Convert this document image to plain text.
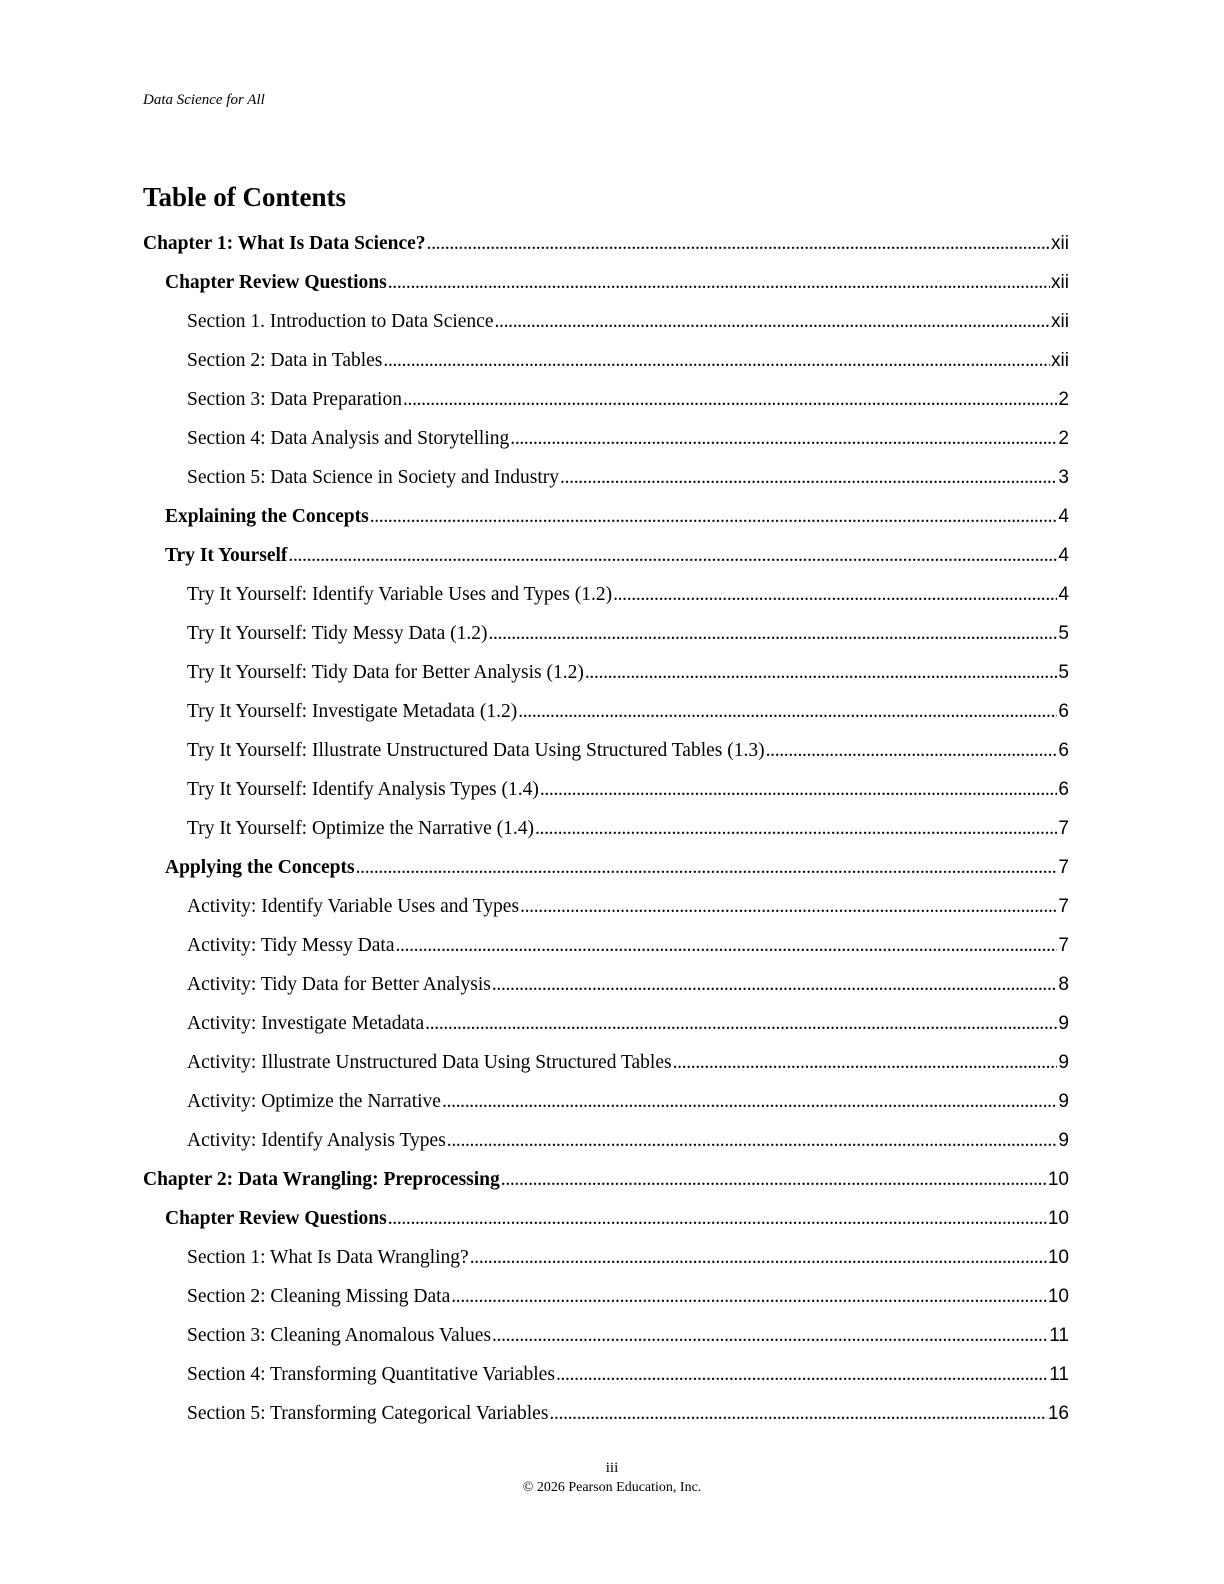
Data Science for All
Table of Contents
Chapter 1: What Is Data Science? . . .	xii
Chapter Review Questions . . .	xii
Section 1. Introduction to Data Science . . .	xii
Section 2: Data in Tables . . .	xii
Section 3: Data Preparation . . .	2
Section 4: Data Analysis and Storytelling . . .	2
Section 5: Data Science in Society and Industry . . .	3
Explaining the Concepts . . .	4
Try It Yourself . . .	4
Try It Yourself: Identify Variable Uses and Types (1.2) . . .	4
Try It Yourself: Tidy Messy Data (1.2) . . .	5
Try It Yourself: Tidy Data for Better Analysis (1.2) . . .	5
Try It Yourself: Investigate Metadata (1.2) . . .	6
Try It Yourself: Illustrate Unstructured Data Using Structured Tables (1.3) . . .	6
Try It Yourself: Identify Analysis Types (1.4) . . .	6
Try It Yourself: Optimize the Narrative (1.4) . . .	7
Applying the Concepts . . .	7
Activity: Identify Variable Uses and Types . . .	7
Activity: Tidy Messy Data . . .	7
Activity: Tidy Data for Better Analysis . . .	8
Activity: Investigate Metadata . . .	9
Activity: Illustrate Unstructured Data Using Structured Tables . . .	9
Activity: Optimize the Narrative . . .	9
Activity: Identify Analysis Types . . .	9
Chapter 2: Data Wrangling: Preprocessing . . .	10
Chapter Review Questions . . .	10
Section 1: What Is Data Wrangling? . . .	10
Section 2: Cleaning Missing Data . . .	10
Section 3: Cleaning Anomalous Values . . .	11
Section 4: Transforming Quantitative Variables . . .	11
Section 5: Transforming Categorical Variables . . .	16
iii
© 2026 Pearson Education, Inc.
